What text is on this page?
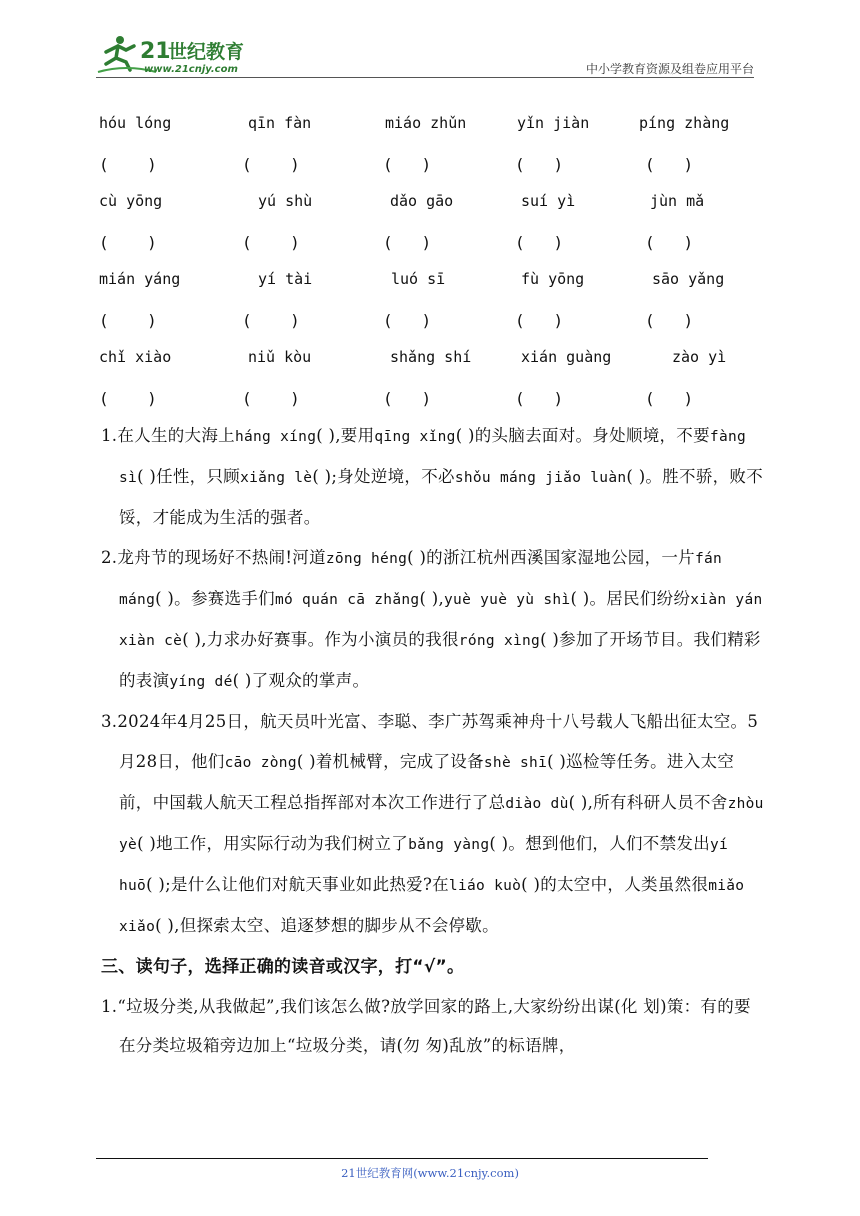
21
世纪教育
www.21cnjy.com	中小学教育资源及组卷应用平台
hóu lóng	qīn fàn	miáo zhǔn	yǐn jiàn	píng zhàng
(    )	(    )	(   )	(   )	(   )
cù yōng	yú shù	dǎo gāo	suí yì	jùn mǎ
(    )	(    )	(   )	(   )	(   )
mián yáng	yí tài	luó sī	fù yōng	sāo yǎng
(    )	(    )	(   )	(   )	(   )
chǐ xiào	niǔ kòu	shǎng shí	xián guàng	zào yì
(    )	(    )	(   )	(   )	(   )

1.在人生的大海上háng xíng( ),要用qīng xǐng( )的头脑去面对。身处顺境，不要fàng sì( )任性，只顾xiǎng lè( );身处逆境，不必shǒu máng jiǎo luàn( )。胜不骄，败不馁，才能成为生活的强者。

2.龙舟节的现场好不热闹!河道zōng héng( )的浙江杭州西溪国家湿地公园，一片fán máng( )。参赛选手们mó quán cā zhǎng( ),yuè yuè yù shì( )。居民们纷纷xiàn yán xiàn cè( ),力求办好赛事。作为小演员的我很róng xìng( )参加了开场节目。我们精彩的表演yíng dé( )了观众的掌声。

3.2024年4月25日，航天员叶光富、李聪、李广苏驾乘神舟十八号载人飞船出征太空。5月28日，他们cāo zòng( )着机械臂，完成了设备shè shī( )巡检等任务。进入太空前，中国载人航天工程总指挥部对本次工作进行了总diào dù( ),所有科研人员不舍zhòu yè( )地工作，用实际行动为我们树立了bǎng yàng( )。想到他们，人们不禁发出yí huō( );是什么让他们对航天事业如此热爱?在liáo kuò( )的太空中，人类虽然很miǎo xiǎo( ),但探索太空、追逐梦想的脚步从不会停歇。

三、读句子，选择正确的读音或汉字，打“√”。

1.“垃圾分类,从我做起”,我们该怎么做?放学回家的路上,大家纷纷出谋(化 划)策：有的要在分类垃圾箱旁边加上“垃圾分类，请(勿 匆)乱放”的标语牌，

21世纪教育网(www.21cnjy.com)
